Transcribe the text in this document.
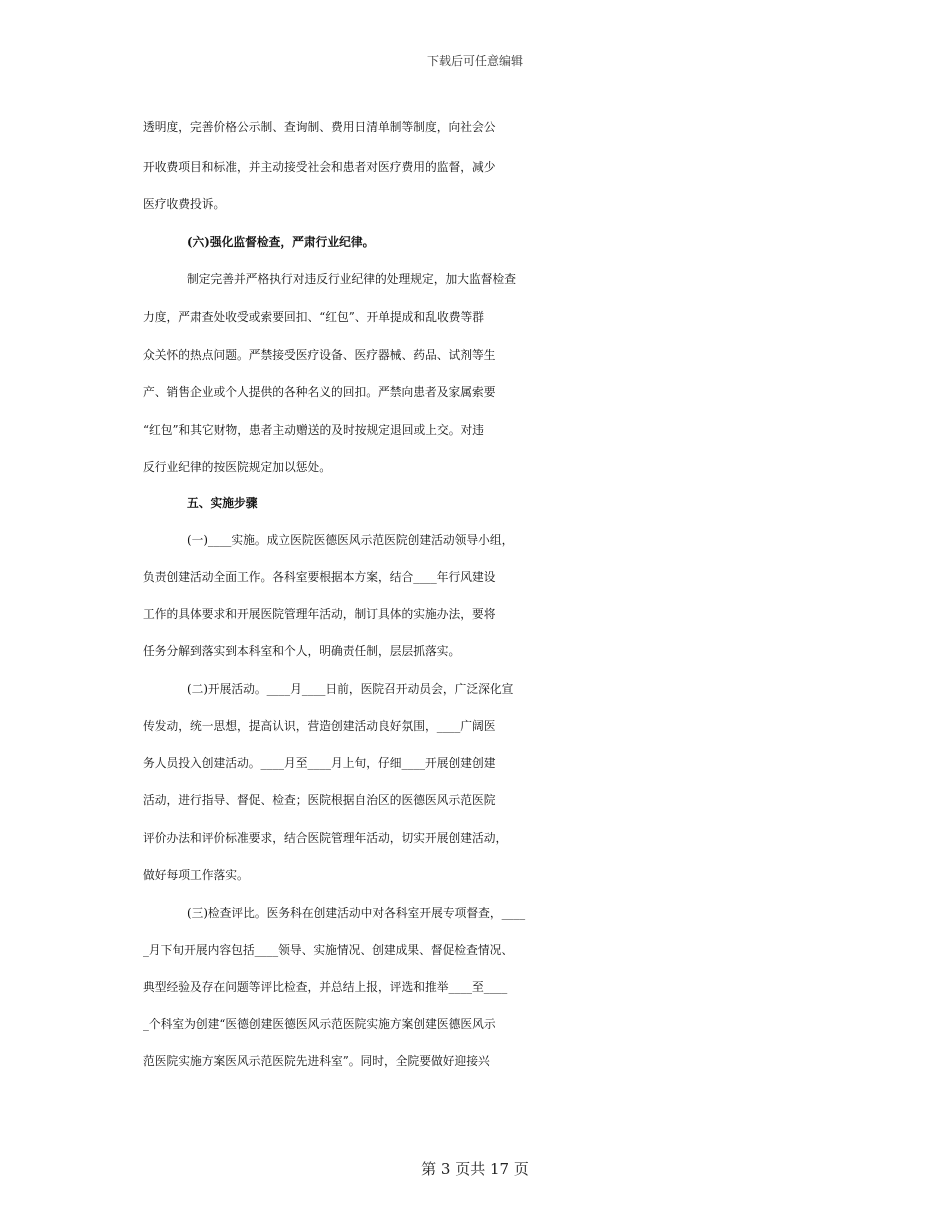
下载后可任意编辑
透明度，完善价格公示制、查询制、费用日清单制等制度，向社会公
开收费项目和标准，并主动接受社会和患者对医疗费用的监督，减少
医疗收费投诉。
(六)强化监督检查，严肃行业纪律。
制定完善并严格执行对违反行业纪律的处理规定，加大监督检查
力度，严肃查处收受或索要回扣、“红包”、开单提成和乱收费等群
众关怀的热点问题。严禁接受医疗设备、医疗器械、药品、试剂等生
产、销售企业或个人提供的各种名义的回扣。严禁向患者及家属索要
“红包”和其它财物，患者主动赠送的及时按规定退回或上交。对违
反行业纪律的按医院规定加以惩处。
五、实施步骤
(一)____实施。成立医院医德医风示范医院创建活动领导小组，
负责创建活动全面工作。各科室要根据本方案，结合____年行风建设
工作的具体要求和开展医院管理年活动，制订具体的实施办法，要将
任务分解到落实到本科室和个人，明确责任制，层层抓落实。
(二)开展活动。____月____日前，医院召开动员会，广泛深化宣
传发动，统一思想，提高认识，营造创建活动良好氛围，____广阔医
务人员投入创建活动。____月至____月上旬，仔细____开展创建创建
活动，进行指导、督促、检查；医院根据自治区的医德医风示范医院
评价办法和评价标准要求，结合医院管理年活动，切实开展创建活动，
做好每项工作落实。
(三)检查评比。医务科在创建活动中对各科室开展专项督查，____
_月下旬开展内容包括____领导、实施情况、创建成果、督促检查情况、
典型经验及存在问题等评比检查，并总结上报，评选和推举____至____
_个科室为创建“医德创建医德医风示范医院实施方案创建医德医风示
范医院实施方案医风示范医院先进科室”。同时，全院要做好迎接兴
第 3 页共 17 页
